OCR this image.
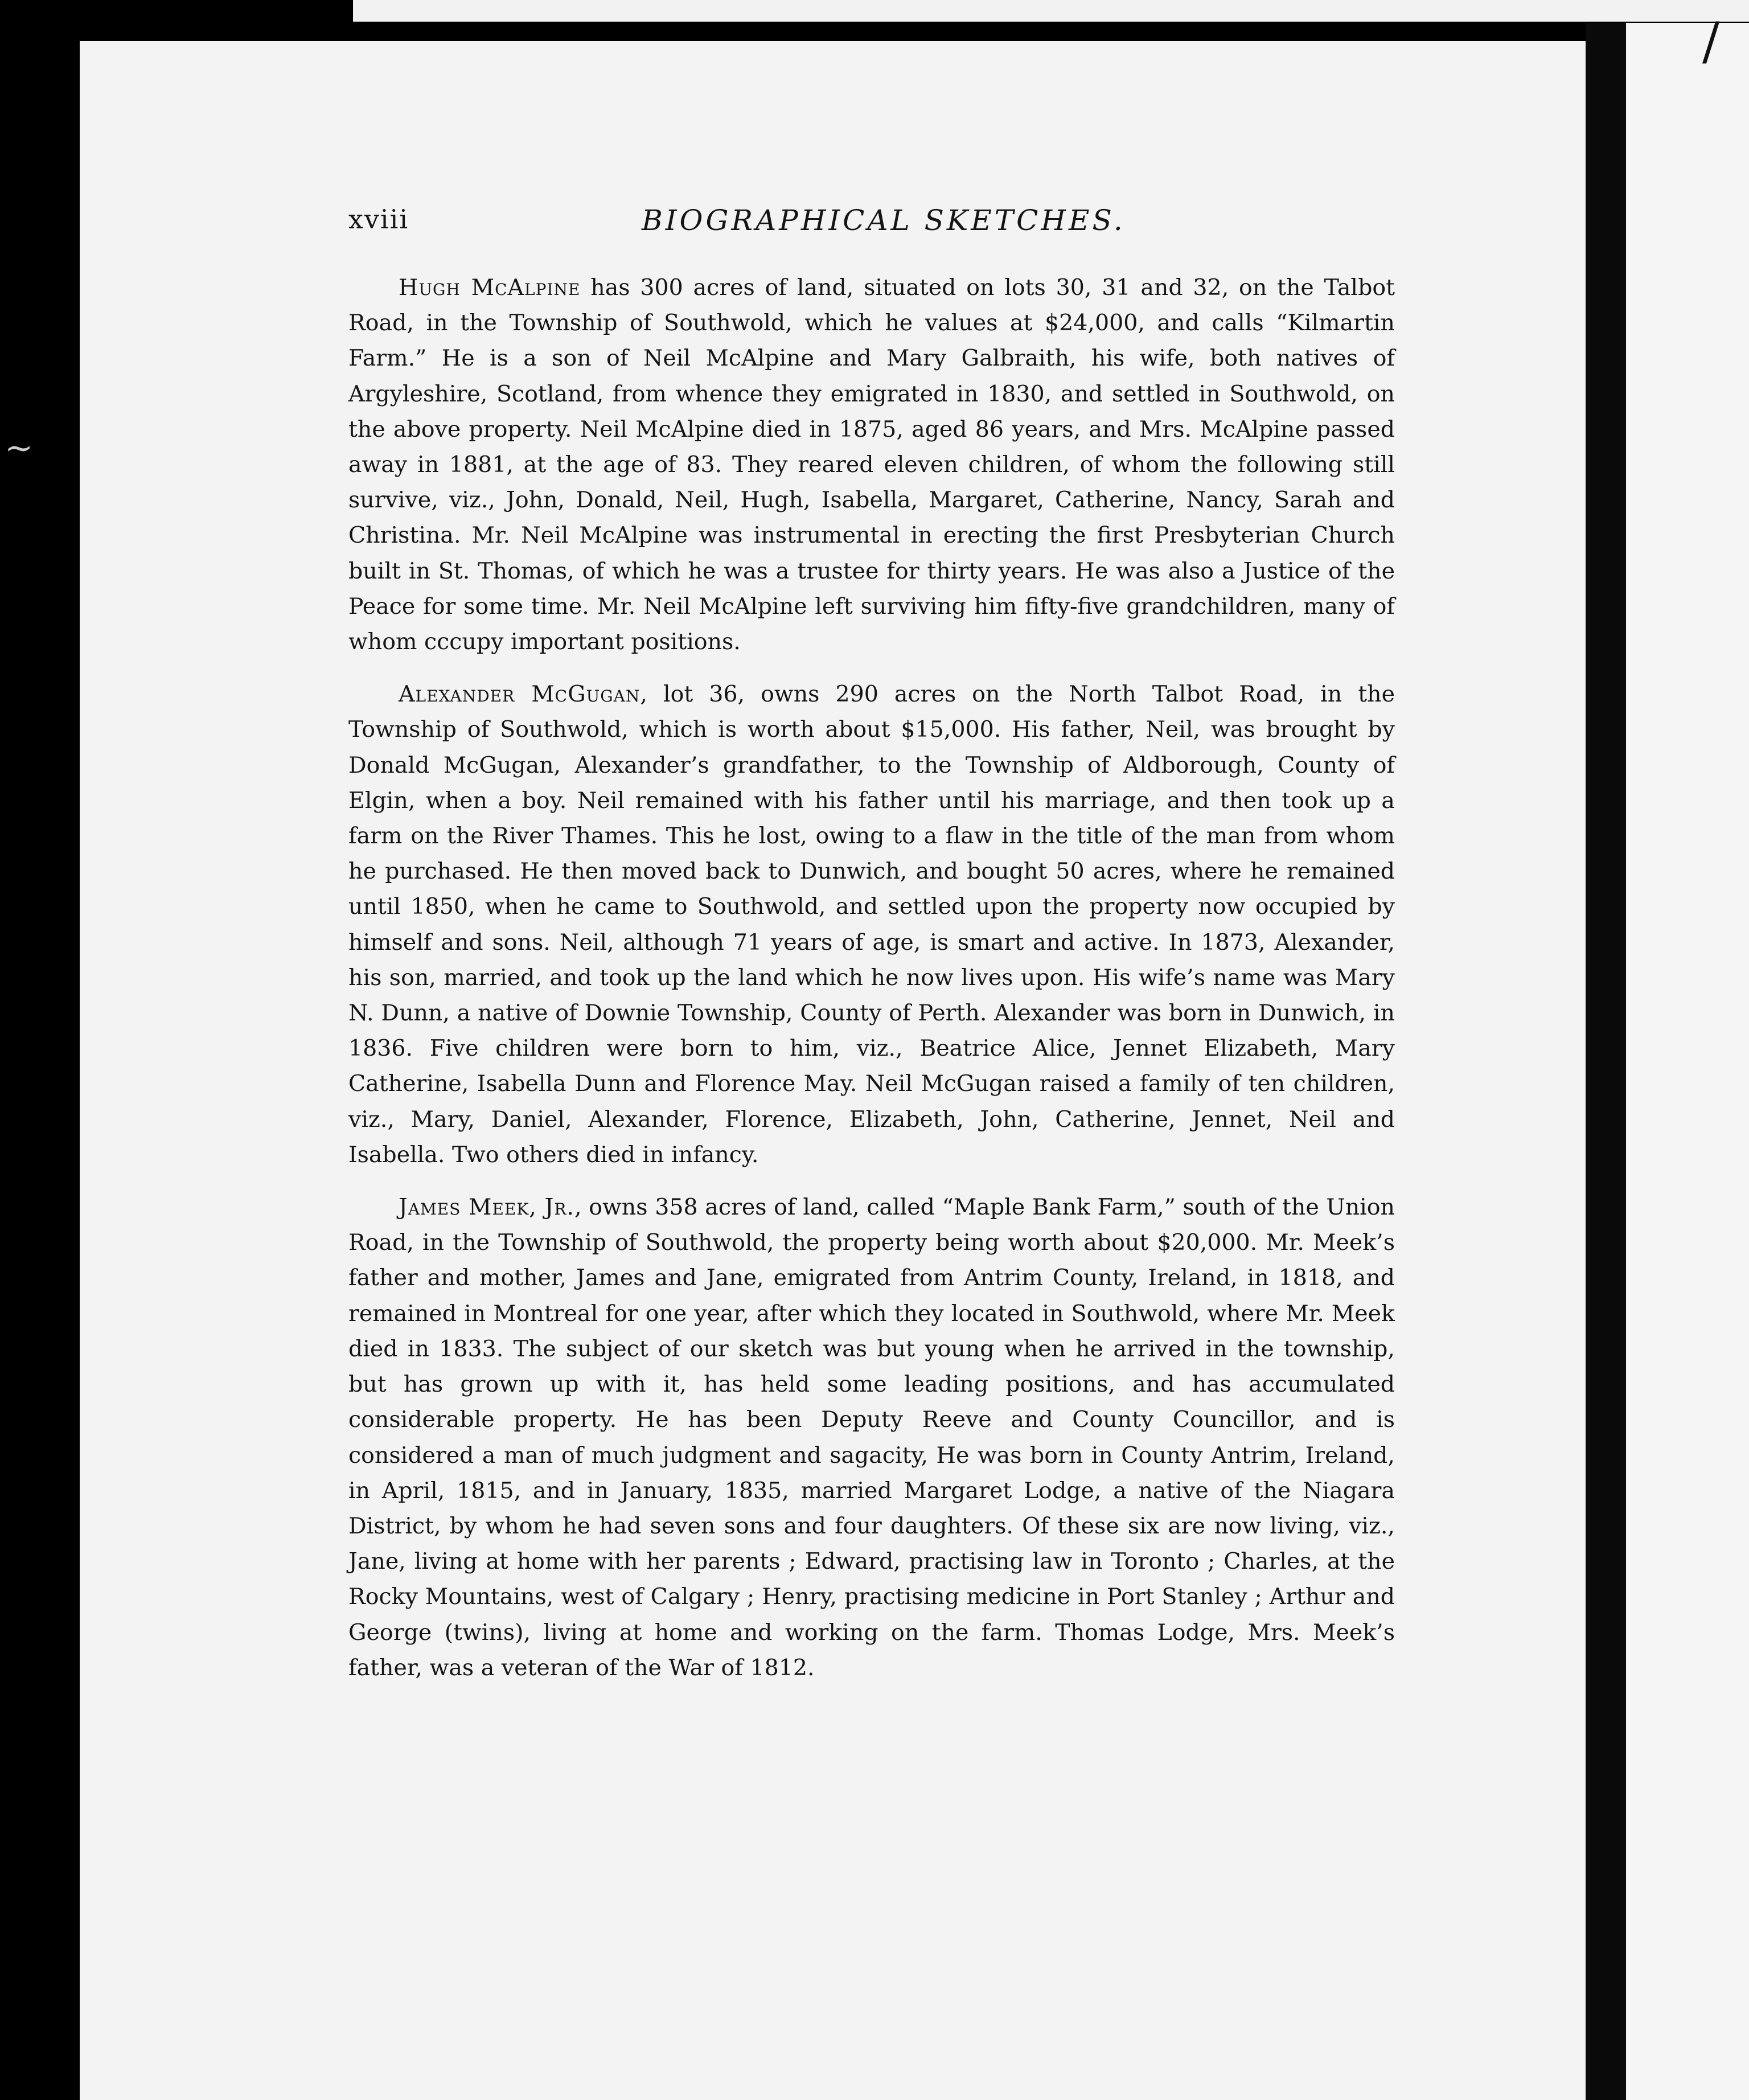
~
/
xviii	BIOGRAPHICAL SKETCHES.

Hugh McAlpine has 300 acres of land, situated on lots 30, 31 and 32, on the Talbot Road, in the Township of Southwold, which he values at $24,000, and calls “Kilmartin Farm.” He is a son of Neil McAlpine and Mary Galbraith, his wife, both natives of Argyleshire, Scotland, from whence they emigrated in 1830, and settled in Southwold, on the above property. Neil McAlpine died in 1875, aged 86 years, and Mrs. McAlpine passed away in 1881, at the age of 83. They reared eleven children, of whom the following still survive, viz., John, Donald, Neil, Hugh, Isabella, Margaret, Catherine, Nancy, Sarah and Christina. Mr. Neil McAlpine was instrumental in erecting the first Presbyterian Church built in St. Thomas, of which he was a trustee for thirty years. He was also a Justice of the Peace for some time. Mr. Neil McAlpine left surviving him fifty-five grandchildren, many of whom cccupy important positions.

Alexander McGugan, lot 36, owns 290 acres on the North Talbot Road, in the Township of Southwold, which is worth about $15,000. His father, Neil, was brought by Donald McGugan, Alexander’s grandfather, to the Township of Aldborough, County of Elgin, when a boy. Neil remained with his father until his marriage, and then took up a farm on the River Thames. This he lost, owing to a flaw in the title of the man from whom he purchased. He then moved back to Dunwich, and bought 50 acres, where he remained until 1850, when he came to Southwold, and settled upon the property now occupied by himself and sons. Neil, although 71 years of age, is smart and active. In 1873, Alexander, his son, married, and took up the land which he now lives upon. His wife’s name was Mary N. Dunn, a native of Downie Township, County of Perth. Alexander was born in Dunwich, in 1836. Five children were born to him, viz., Beatrice Alice, Jennet Elizabeth, Mary Catherine, Isabella Dunn and Florence May. Neil McGugan raised a family of ten children, viz., Mary, Daniel, Alexander, Florence, Elizabeth, John, Catherine, Jennet, Neil and Isabella. Two others died in infancy.

James Meek, Jr., owns 358 acres of land, called “Maple Bank Farm,” south of the Union Road, in the Township of Southwold, the property being worth about $20,000. Mr. Meek’s father and mother, James and Jane, emigrated from Antrim County, Ireland, in 1818, and remained in Montreal for one year, after which they located in Southwold, where Mr. Meek died in 1833. The subject of our sketch was but young when he arrived in the township, but has grown up with it, has held some leading positions, and has accumulated considerable property. He has been Deputy Reeve and County Councillor, and is considered a man of much judgment and sagacity, He was born in County Antrim, Ireland, in April, 1815, and in January, 1835, married Margaret Lodge, a native of the Niagara District, by whom he had seven sons and four daughters. Of these six are now living, viz., Jane, living at home with her parents ; Edward, practising law in Toronto ; Charles, at the Rocky Mountains, west of Calgary ; Henry, practising medicine in Port Stanley ; Arthur and George (twins), living at home and working on the farm. Thomas Lodge, Mrs. Meek’s father, was a veteran of the War of 1812.
